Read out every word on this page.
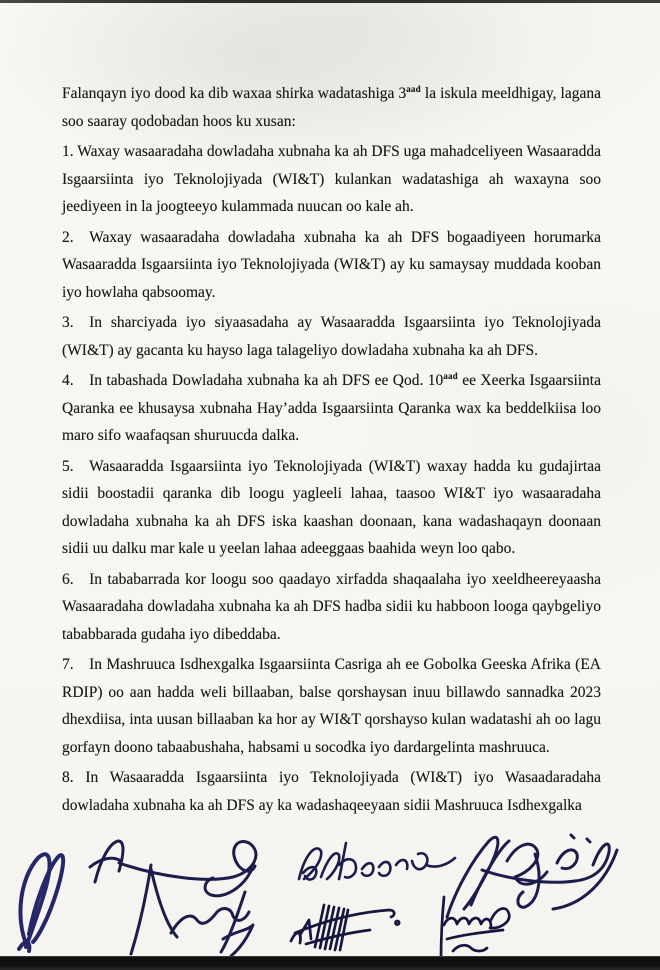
Falanqayn iyo dood ka dib waxaa shirka wadatashiga $3^{aad}$ la iskula meeldhigay, lagana soo saaray qodobadan hoos ku xusan:

1. Waxay wasaaradaha dowladaha xubnaha ka ah DFS uga mahadceliyeen Wasaaradda Isgaarsiinta iyo Teknolojiyada (WI&T) kulankan wadatashiga ah waxayna soo jeediyeen in la joogteeyo kulammada nuucan oo kale ah.

2. Waxay wasaaradaha dowladaha xubnaha ka ah DFS bogaadiyeen horumarka Wasaaradda Isgaarsiinta iyo Teknolojiyada (WI&T) ay ku samaysay muddada kooban iyo howlaha qabsoomay.

3. In sharciyada iyo siyaasadaha ay Wasaaradda Isgaarsiinta iyo Teknolojiyada (WI&T) ay gacanta ku hayso laga talageliyo dowladaha xubnaha ka ah DFS.

4. In tabashada Dowladaha xubnaha ka ah DFS ee Qod. $10^{aad}$ ee Xeerka Isgaarsiinta Qaranka ee khusaysa xubnaha Hay’adda Isgaarsiinta Qaranka wax ka beddelkiisa loo maro sifo waafaqsan shuruucda dalka.

5. Wasaaradda Isgaarsiinta iyo Teknolojiyada (WI&T) waxay hadda ku gudajirtaa sidii boostadii qaranka dib loogu yagleeli lahaa, taasoo WI&T iyo wasaaradaha dowladaha xubnaha ka ah DFS iska kaashan doonaan, kana wadashaqayn doonaan sidii uu dalku mar kale u yeelan lahaa adeeggaas baahida weyn loo qabo.

6. In tababarrada kor loogu soo qaadayo xirfadda shaqaalaha iyo xeeldheereyaasha Wasaaradaha dowladaha xubnaha ka ah DFS hadba sidii ku habboon looga qaybgeliyo tababbarada gudaha iyo dibeddaba.

7. In Mashruuca Isdhexgalka Isgaarsiinta Casriga ah ee Gobolka Geeska Afrika (EA RDIP) oo aan hadda weli billaaban, balse qorshaysan inuu billawdo sannadka 2023 dhexdiisa, inta uusan billaaban ka hor ay WI&T qorshayso kulan wadatashi ah oo lagu gorfayn doono tabaabushaha, habsami u socodka iyo dardargelinta mashruuca.

8. In Wasaaradda Isgaarsiinta iyo Teknolojiyada (WI&T) iyo Wasaadaradaha dowladaha xubnaha ka ah DFS ay ka wadashaqeeyaan sidii Mashruuca Isdhexgalka
